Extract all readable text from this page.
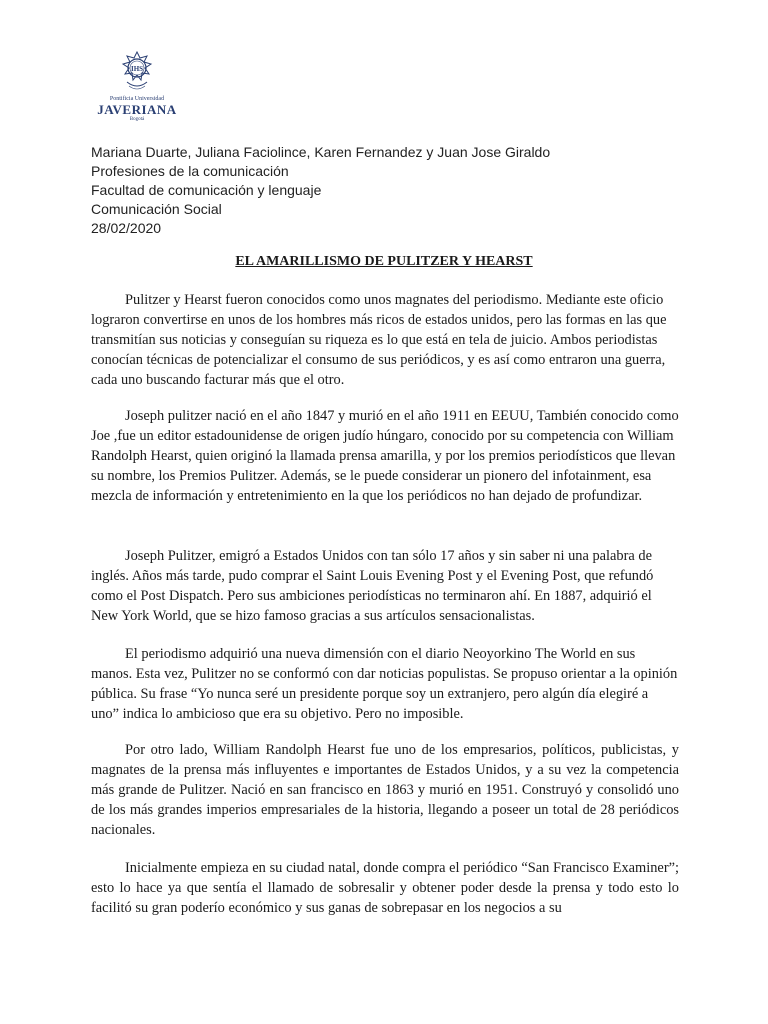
IHS
Pontificia Universidad
JAVERIANA
Bogotá
Mariana Duarte, Juliana Faciolince, Karen Fernandez y Juan Jose Giraldo
Profesiones de la comunicación
Facultad de comunicación y lenguaje
Comunicación Social
28/02/2020
EL AMARILLISMO DE PULITZER Y HEARST

Pulitzer y Hearst fueron conocidos como unos magnates del periodismo. Mediante este oficio lograron convertirse en unos de los hombres más ricos de estados unidos, pero las formas en las que transmitían sus noticias y conseguían su riqueza es lo que está en tela de juicio. Ambos periodistas conocían técnicas de potencializar el consumo de sus periódicos, y es así como entraron una guerra, cada uno buscando facturar más que el otro.

Joseph pulitzer nació en el año 1847 y murió en el año 1911 en EEUU, También conocido como Joe ,fue un editor estadounidense de origen judío húngaro, conocido por su competencia con William Randolph Hearst, quien originó la llamada prensa amarilla, y por los premios periodísticos que llevan su nombre, los Premios Pulitzer. Además, se le puede considerar un pionero del infotainment, esa mezcla de información y entretenimiento en la que los periódicos no han dejado de profundizar.

Joseph Pulitzer, emigró a Estados Unidos con tan sólo 17 años y sin saber ni una palabra de inglés. Años más tarde, pudo comprar el Saint Louis Evening Post y el Evening Post, que refundó como el Post Dispatch. Pero sus ambiciones periodísticas no terminaron ahí. En 1887, adquirió el New York World, que se hizo famoso gracias a sus artículos sensacionalistas.

El periodismo adquirió una nueva dimensión con el diario Neoyorkino The World en sus manos. Esta vez, Pulitzer no se conformó con dar noticias populistas. Se propuso orientar a la opinión pública. Su frase “Yo nunca seré un presidente porque soy un extranjero, pero algún día elegiré a uno” indica lo ambicioso que era su objetivo. Pero no imposible.

Por otro lado, William Randolph Hearst fue uno de los empresarios, políticos, publicistas, y magnates de la prensa más influyentes e importantes de Estados Unidos, y a su vez la competencia más grande de Pulitzer. Nació en san francisco en 1863 y murió en 1951. Construyó y consolidó uno de los más grandes imperios empresariales de la historia, llegando a poseer un total de 28 periódicos nacionales.

Inicialmente empieza en su ciudad natal, donde compra el periódico “San Francisco Examiner”; esto lo hace ya que sentía el llamado de sobresalir y obtener poder desde la prensa y todo esto lo facilitó su gran poderío económico y sus ganas de sobrepasar en los negocios a su
